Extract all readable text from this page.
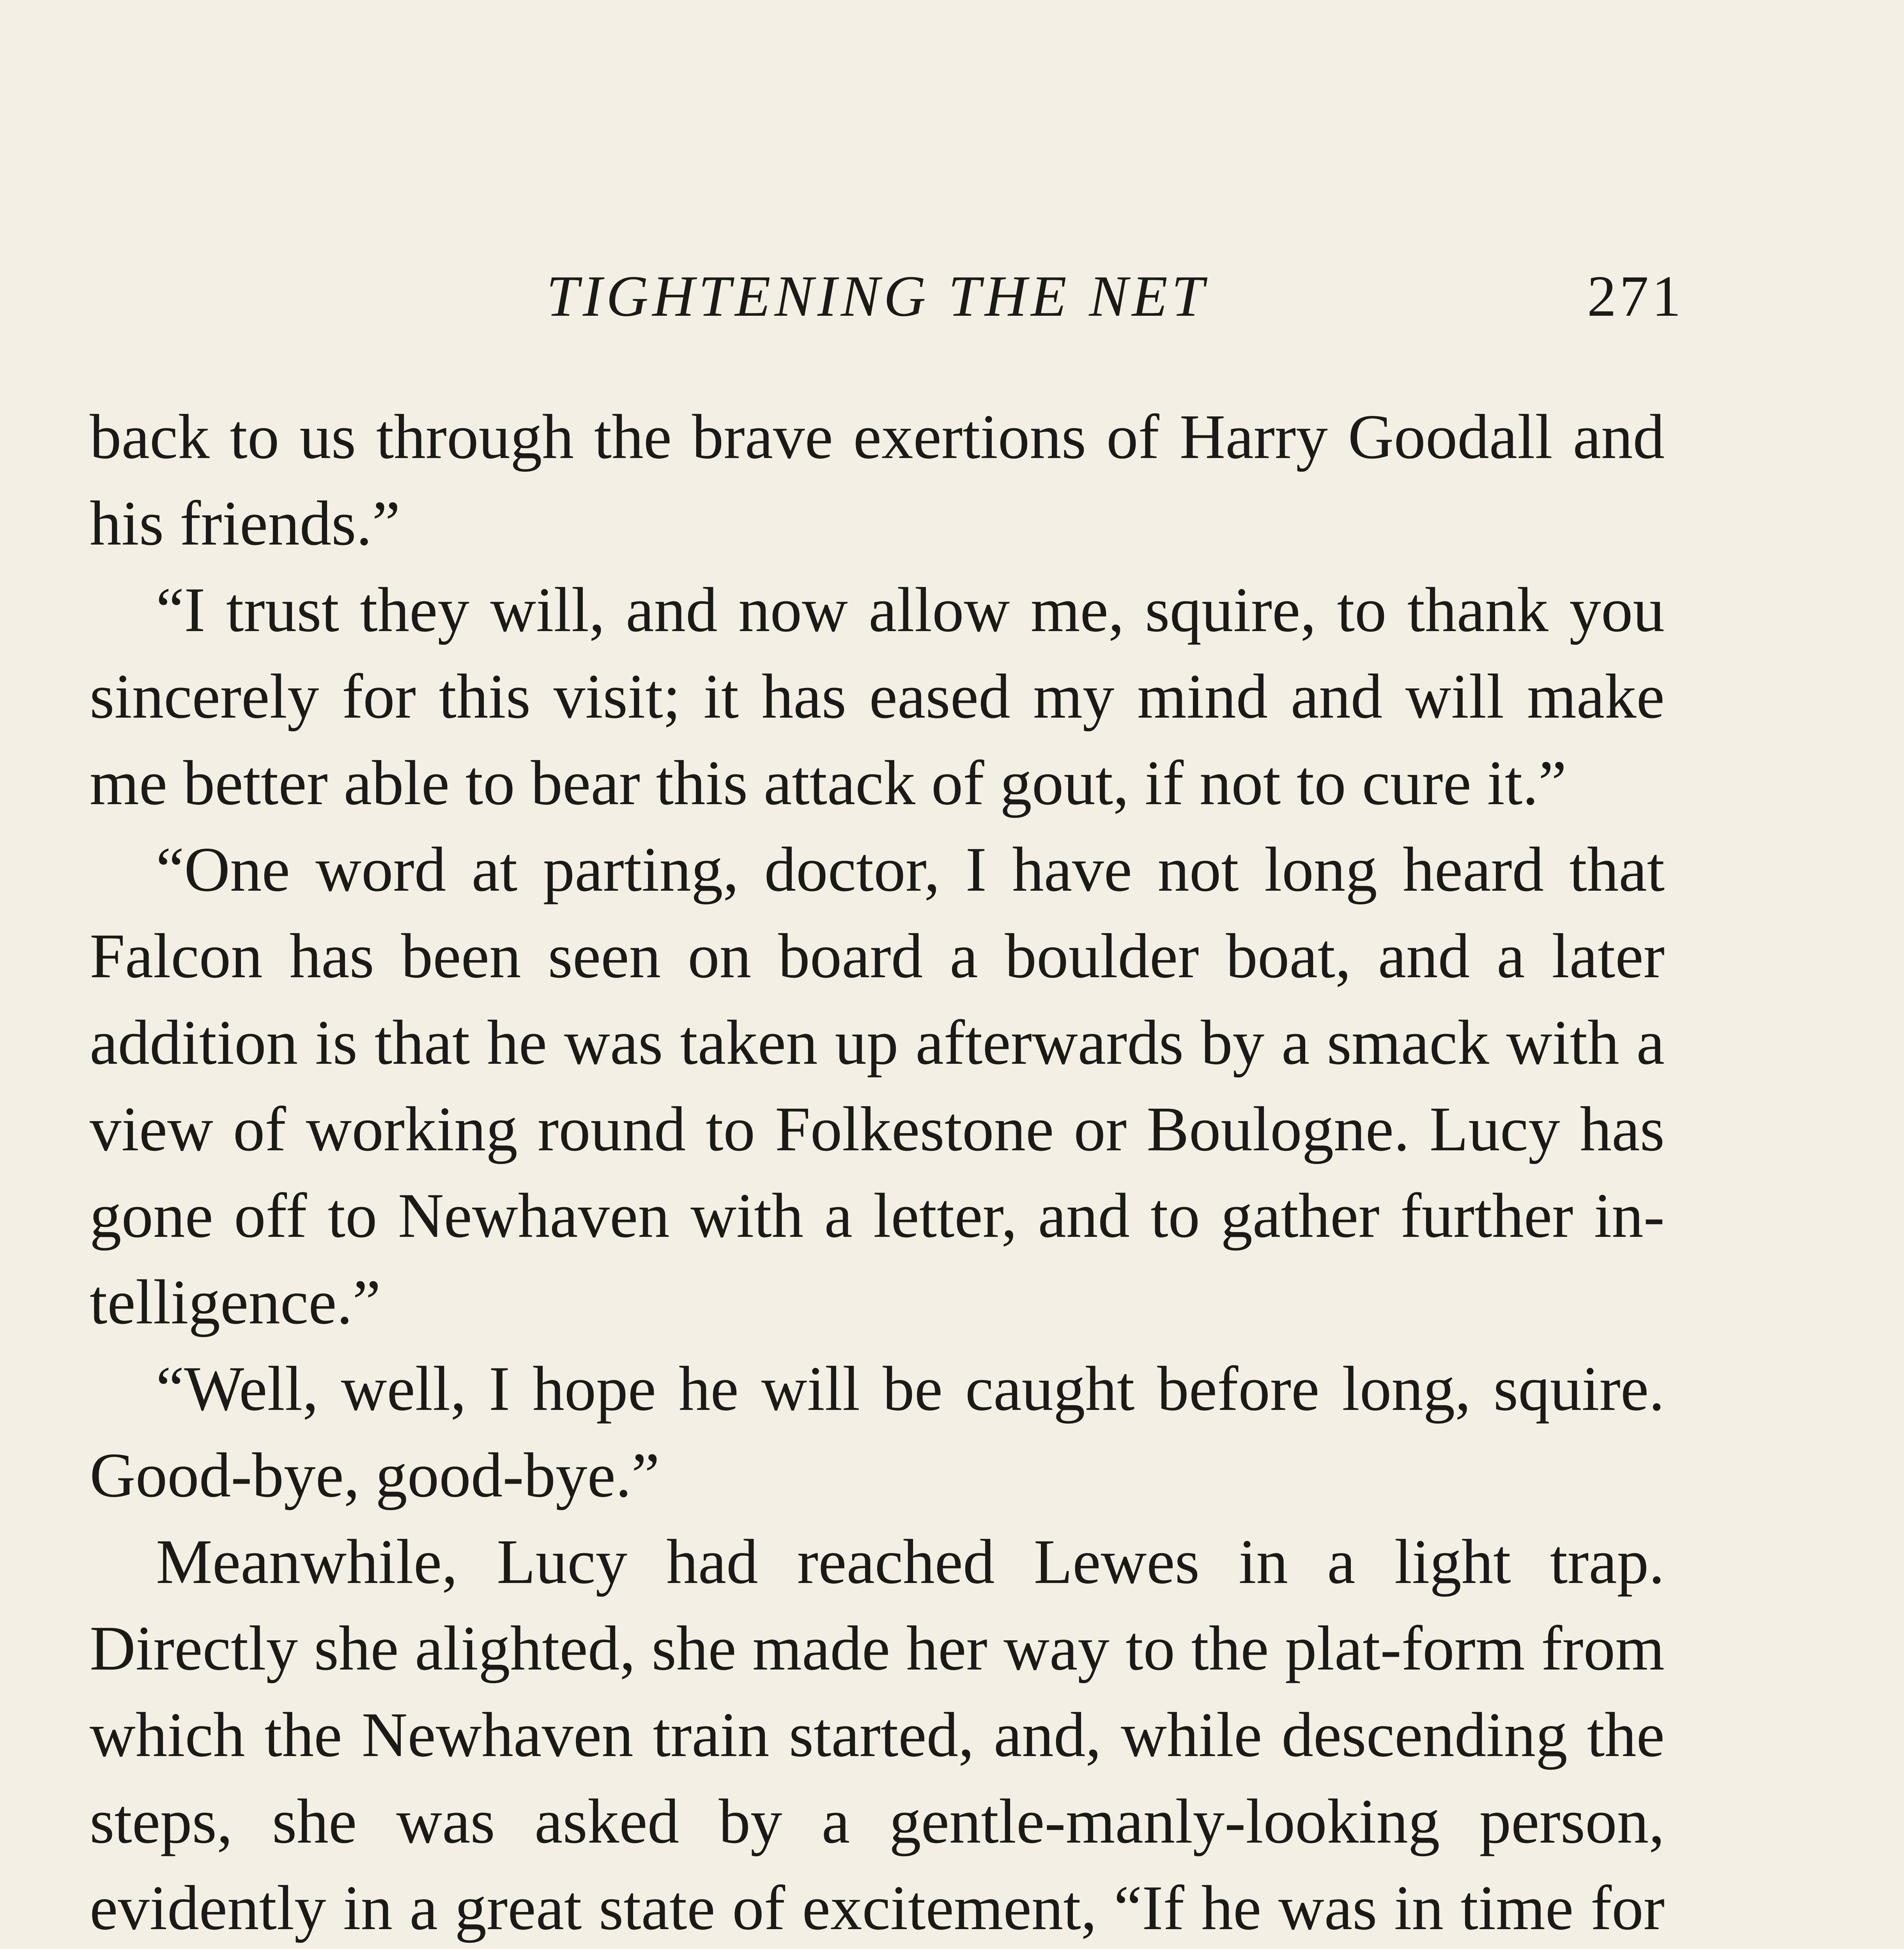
TIGHTENING THE NET	271

back to us through the brave exertions of Harry Goodall and his friends.”

“I trust they will, and now allow me, squire, to thank you sincerely for this visit; it has eased my mind and will make me better able to bear this attack of gout, if not to cure it.”

“One word at parting, doctor, I have not long heard that Falcon has been seen on board a boulder boat, and a later addition is that he was taken up afterwards by a smack with a view of working round to Folkestone or Boulogne. Lucy has gone off to Newhaven with a letter, and to gather further in-telligence.”

“Well, well, I hope he will be caught before long, squire. Good-bye, good-bye.”

Meanwhile, Lucy had reached Lewes in a light trap. Directly she alighted, she made her way to the plat-form from which the Newhaven train started, and, while descending the steps, she was asked by a gentle-manly-looking person, evidently in a great state of excitement, “If he was in time for
